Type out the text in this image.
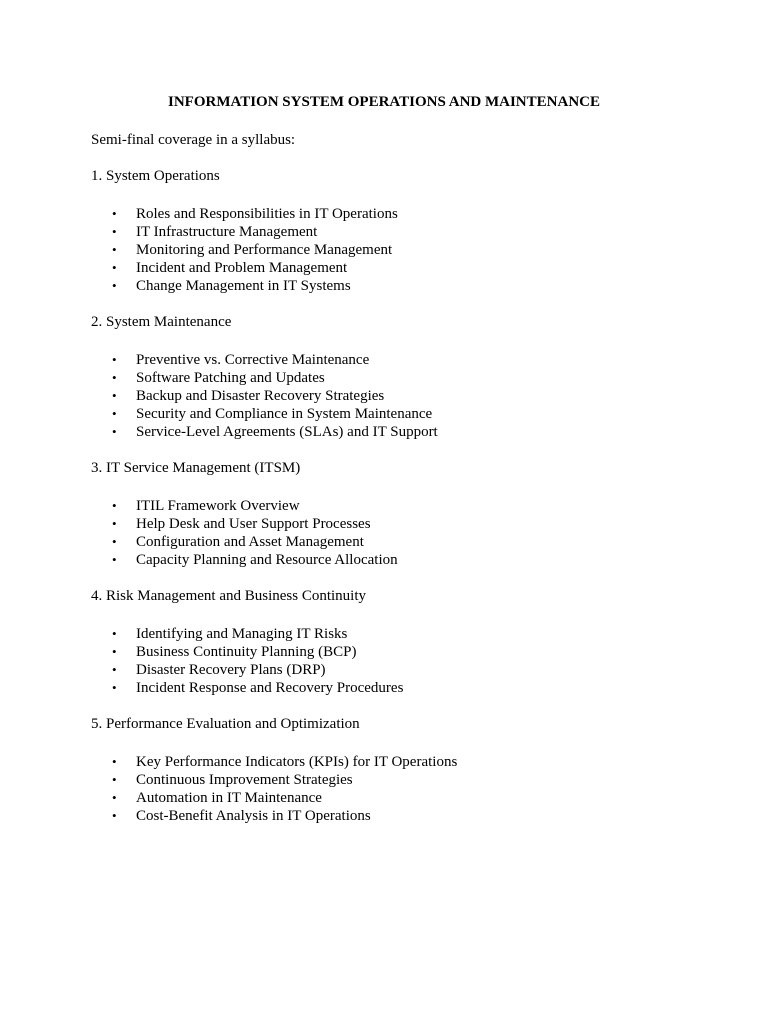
INFORMATION SYSTEM OPERATIONS AND MAINTENANCE

Semi-final coverage in a syllabus:

1. System Operations

•	Roles and Responsibilities in IT Operations
•	IT Infrastructure Management
•	Monitoring and Performance Management
•	Incident and Problem Management
•	Change Management in IT Systems

2. System Maintenance

•	Preventive vs. Corrective Maintenance
•	Software Patching and Updates
•	Backup and Disaster Recovery Strategies
•	Security and Compliance in System Maintenance
•	Service-Level Agreements (SLAs) and IT Support

3. IT Service Management (ITSM)

•	ITIL Framework Overview
•	Help Desk and User Support Processes
•	Configuration and Asset Management
•	Capacity Planning and Resource Allocation

4. Risk Management and Business Continuity

•	Identifying and Managing IT Risks
•	Business Continuity Planning (BCP)
•	Disaster Recovery Plans (DRP)
•	Incident Response and Recovery Procedures

5. Performance Evaluation and Optimization

•	Key Performance Indicators (KPIs) for IT Operations
•	Continuous Improvement Strategies
•	Automation in IT Maintenance
•	Cost-Benefit Analysis in IT Operations
